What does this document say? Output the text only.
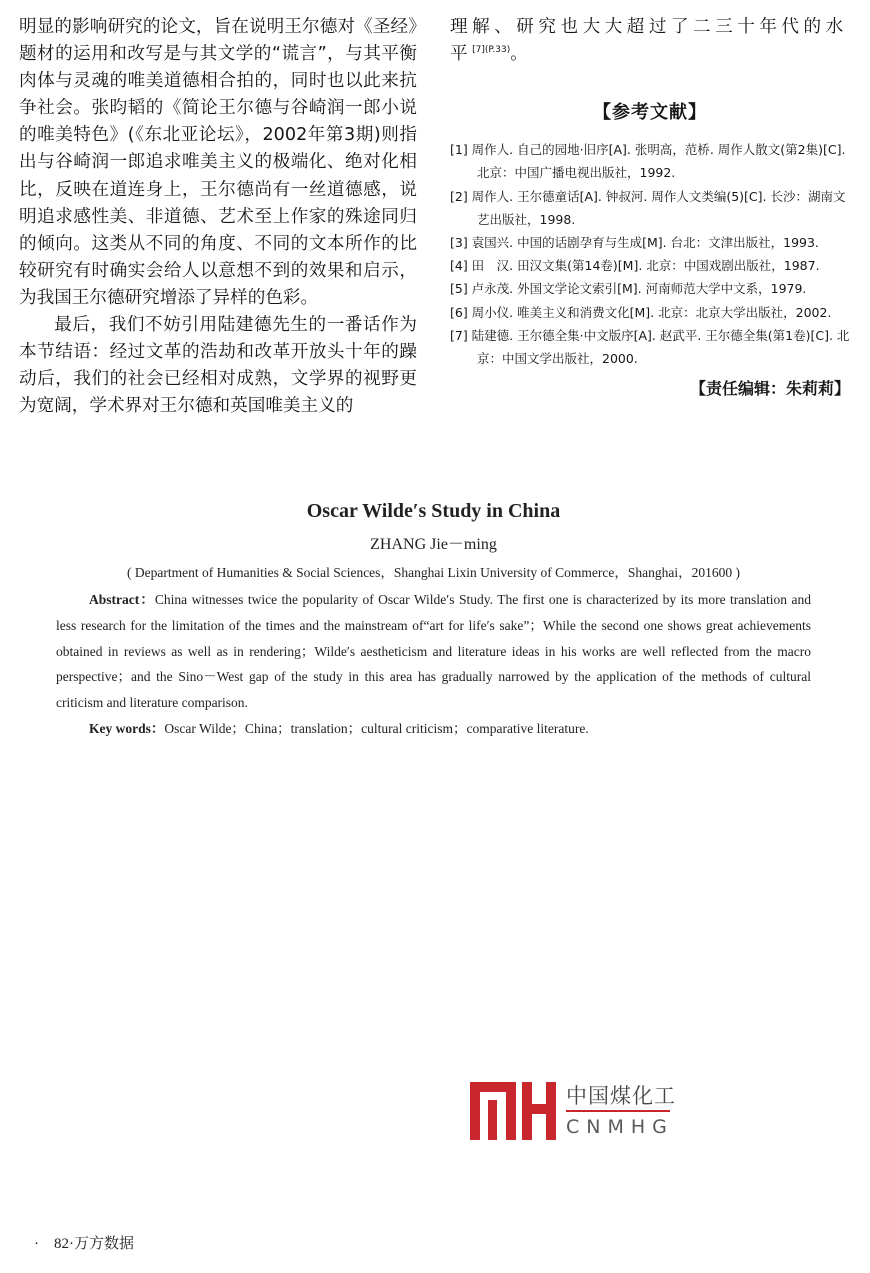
明显的影响研究的论文，旨在说明王尔德对《圣经》题材的运用和改写是与其文学的“谎言”，与其平衡肉体与灵魂的唯美道德相合拍的，同时也以此来抗争社会。张昀韬的《简论王尔德与谷崎润一郎小说的唯美特色》(《东北亚论坛》，2002年第3期)则指出与谷崎润一郎追求唯美主义的极端化、绝对化相比，反映在道连身上，王尔德尚有一丝道德感，说明追求感性美、非道德、艺术至上作家的殊途同归的倾向。这类从不同的角度、不同的文本所作的比较研究有时确实会给人以意想不到的效果和启示，为我国王尔德研究增添了异样的色彩。

最后，我们不妨引用陆建德先生的一番话作为本节结语：经过文革的浩劫和改革开放头十年的躁动后，我们的社会已经相对成熟，文学界的视野更为宽阔，学术界对王尔德和英国唯美主义的

理解、研究也大大超过了二三十年代的水平$^{[7](P.33)}$。

【参考文献】
[1] 周作人. 自己的园地·旧序[A]. 张明高，范桥. 周作人散文(第2集)[C]. 北京：中国广播电视出版社，1992.
[2] 周作人. 王尔德童话[A]. 钟叔河. 周作人文类编(5)[C]. 长沙：湖南文艺出版社，1998.
[3] 袁国兴. 中国的话剧孕育与生成[M]. 台北：文津出版社，1993.
[4] 田　汉. 田汉文集(第14卷)[M]. 北京：中国戏剧出版社，1987.
[5] 卢永茂. 外国文学论文索引[M]. 河南师范大学中文系，1979.
[6] 周小仪. 唯美主义和消费文化[M]. 北京：北京大学出版社，2002.
[7] 陆建德. 王尔德全集·中文版序[A]. 赵武平. 王尔德全集(第1卷)[C]. 北京：中国文学出版社，2000.
【责任编辑：朱莉莉】

Oscar Wilde′s Study in China

ZHANG Jie－ming

( Department of Humanities & Social Sciences，Shanghai Lixin University of Commerce，Shanghai，201600 )

Abstract：China witnesses twice the popularity of Oscar Wilde′s Study. The first one is characterized by its more translation and less research for the limitation of the times and the mainstream of“art for life′s sake”；While the second one shows great achievements obtained in reviews as well as in rendering；Wilde′s aestheticism and literature ideas in his works are well reflected from the macro perspective；and the Sino－West gap of the study in this area has gradually narrowed by the application of the methods of cultural criticism and literature comparison.

Key words：Oscar Wilde；China；translation；cultural criticism；comparative literature.

中国煤化工
CNMHG
·　82·万方数据
